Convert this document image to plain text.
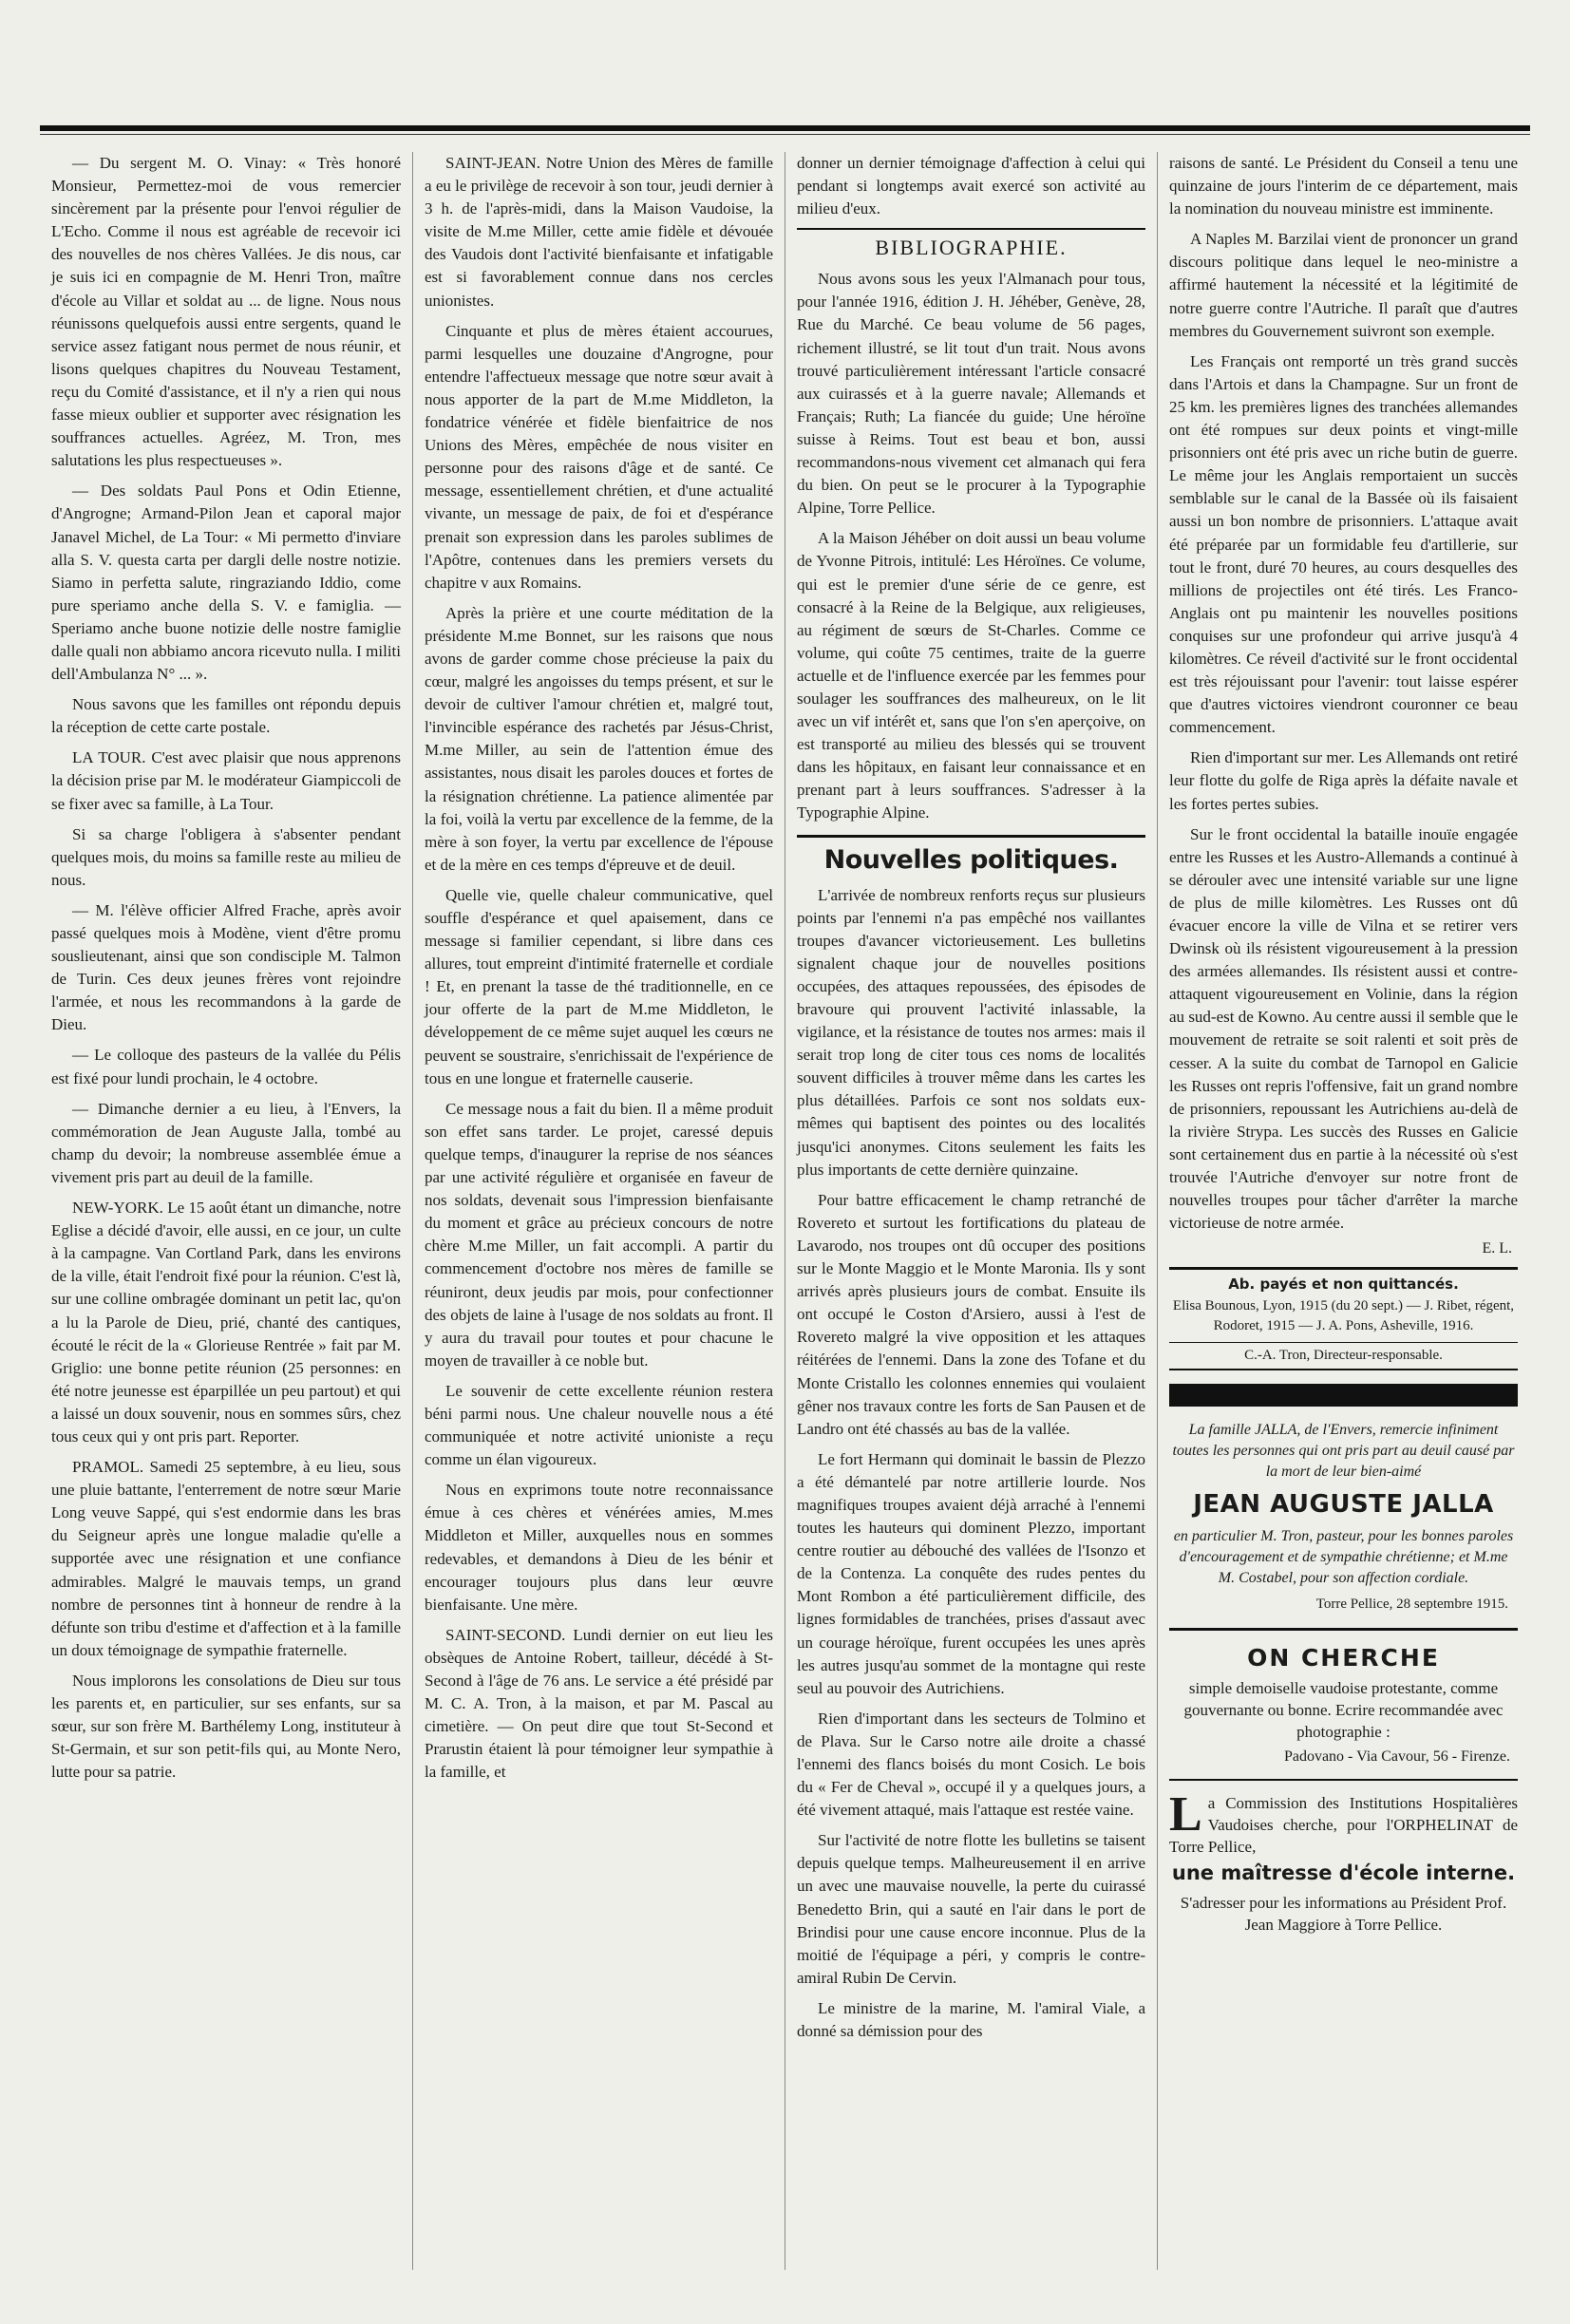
— Du sergent M. O. Vinay: « Très honoré Monsieur, Permettez-moi de vous remercier sincèrement par la présente pour l'envoi régulier de L'Echo. Comme il nous est agréable de recevoir ici des nouvelles de nos chères Vallées. Je dis nous, car je suis ici en compagnie de M. Henri Tron, maître d'école au Villar et soldat au ... de ligne. Nous nous réunissons quelquefois aussi entre sergents, quand le service assez fatigant nous permet de nous réunir, et lisons quelques chapitres du Nouveau Testament, reçu du Comité d'assistance, et il n'y a rien qui nous fasse mieux oublier et supporter avec résignation les souffrances actuelles. Agréez, M. Tron, mes salutations les plus respectueuses ».

— Des soldats Paul Pons et Odin Etienne, d'Angrogne; Armand-Pilon Jean et caporal major Janavel Michel, de La Tour: « Mi permetto d'inviare alla S. V. questa carta per dargli delle nostre notizie. Siamo in perfetta salute, ringraziando Iddio, come pure speriamo anche della S. V. e famiglia. — Speriamo anche buone notizie delle nostre famiglie dalle quali non abbiamo ancora ricevuto nulla. I militi dell'Ambulanza N° ... ».

Nous savons que les familles ont répondu depuis la réception de cette carte postale.

LA TOUR. C'est avec plaisir que nous apprenons la décision prise par M. le modérateur Giampiccoli de se fixer avec sa famille, à La Tour.

Si sa charge l'obligera à s'absenter pendant quelques mois, du moins sa famille reste au milieu de nous.

— M. l'élève officier Alfred Frache, après avoir passé quelques mois à Modène, vient d'être promu souslieutenant, ainsi que son condisciple M. Talmon de Turin. Ces deux jeunes frères vont rejoindre l'armée, et nous les recommandons à la garde de Dieu.

— Le colloque des pasteurs de la vallée du Pélis est fixé pour lundi prochain, le 4 octobre.

— Dimanche dernier a eu lieu, à l'Envers, la commémoration de Jean Auguste Jalla, tombé au champ du devoir; la nombreuse assemblée émue a vivement pris part au deuil de la famille.

NEW-YORK. Le 15 août étant un dimanche, notre Eglise a décidé d'avoir, elle aussi, en ce jour, un culte à la campagne. Van Cortland Park, dans les environs de la ville, était l'endroit fixé pour la réunion. C'est là, sur une colline ombragée dominant un petit lac, qu'on a lu la Parole de Dieu, prié, chanté des cantiques, écouté le récit de la « Glorieuse Rentrée » fait par M. Griglio: une bonne petite réunion (25 personnes: en été notre jeunesse est éparpillée un peu partout) et qui a laissé un doux souvenir, nous en sommes sûrs, chez tous ceux qui y ont pris part. Reporter.

PRAMOL. Samedi 25 septembre, à eu lieu, sous une pluie battante, l'enterrement de notre sœur Marie Long veuve Sappé, qui s'est endormie dans les bras du Seigneur après une longue maladie qu'elle a supportée avec une résignation et une confiance admirables. Malgré le mauvais temps, un grand nombre de personnes tint à honneur de rendre à la défunte son tribu d'estime et d'affection et à la famille un doux témoignage de sympathie fraternelle.

Nous implorons les consolations de Dieu sur tous les parents et, en particulier, sur ses enfants, sur sa sœur, sur son frère M. Barthélemy Long, instituteur à St-Germain, et sur son petit-fils qui, au Monte Nero, lutte pour sa patrie.

SAINT-JEAN. Notre Union des Mères de famille a eu le privilège de recevoir à son tour, jeudi dernier à 3 h. de l'après-midi, dans la Maison Vaudoise, la visite de M.me Miller, cette amie fidèle et dévouée des Vaudois dont l'activité bienfaisante et infatigable est si favorablement connue dans nos cercles unionistes.

Cinquante et plus de mères étaient accourues, parmi lesquelles une douzaine d'Angrogne, pour entendre l'affectueux message que notre sœur avait à nous apporter de la part de M.me Middleton, la fondatrice vénérée et fidèle bienfaitrice de nos Unions des Mères, empêchée de nous visiter en personne pour des raisons d'âge et de santé. Ce message, essentiellement chrétien, et d'une actualité vivante, un message de paix, de foi et d'espérance prenait son expression dans les paroles sublimes de l'Apôtre, contenues dans les premiers versets du chapitre v aux Romains.

Après la prière et une courte méditation de la présidente M.me Bonnet, sur les raisons que nous avons de garder comme chose précieuse la paix du cœur, malgré les angoisses du temps présent, et sur le devoir de cultiver l'amour chrétien et, malgré tout, l'invincible espérance des rachetés par Jésus-Christ, M.me Miller, au sein de l'attention émue des assistantes, nous disait les paroles douces et fortes de la résignation chrétienne. La patience alimentée par la foi, voilà la vertu par excellence de la femme, de la mère à son foyer, la vertu par excellence de l'épouse et de la mère en ces temps d'épreuve et de deuil.

Quelle vie, quelle chaleur communicative, quel souffle d'espérance et quel apaisement, dans ce message si familier cependant, si libre dans ces allures, tout empreint d'intimité fraternelle et cordiale ! Et, en prenant la tasse de thé traditionnelle, en ce jour offerte de la part de M.me Middleton, le développement de ce même sujet auquel les cœurs ne peuvent se soustraire, s'enrichissait de l'expérience de tous en une longue et fraternelle causerie.

Ce message nous a fait du bien. Il a même produit son effet sans tarder. Le projet, caressé depuis quelque temps, d'inaugurer la reprise de nos séances par une activité régulière et organisée en faveur de nos soldats, devenait sous l'impression bienfaisante du moment et grâce au précieux concours de notre chère M.me Miller, un fait accompli. A partir du commencement d'octobre nos mères de famille se réuniront, deux jeudis par mois, pour confectionner des objets de laine à l'usage de nos soldats au front. Il y aura du travail pour toutes et pour chacune le moyen de travailler à ce noble but.

Le souvenir de cette excellente réunion restera béni parmi nous. Une chaleur nouvelle nous a été communiquée et notre activité unioniste a reçu comme un élan vigoureux.

Nous en exprimons toute notre reconnaissance émue à ces chères et vénérées amies, M.mes Middleton et Miller, auxquelles nous en sommes redevables, et demandons à Dieu de les bénir et encourager toujours plus dans leur œuvre bienfaisante. Une mère.

SAINT-SECOND. Lundi dernier on eut lieu les obsèques de Antoine Robert, tailleur, décédé à St-Second à l'âge de 76 ans. Le service a été présidé par M. C. A. Tron, à la maison, et par M. Pascal au cimetière. — On peut dire que tout St-Second et Prarustin étaient là pour témoigner leur sympathie à la famille, et

donner un dernier témoignage d'affection à celui qui pendant si longtemps avait exercé son activité au milieu d'eux.

BIBLIOGRAPHIE.

Nous avons sous les yeux l'Almanach pour tous, pour l'année 1916, édition J. H. Jéhéber, Genève, 28, Rue du Marché. Ce beau volume de 56 pages, richement illustré, se lit tout d'un trait. Nous avons trouvé particulièrement intéressant l'article consacré aux cuirassés et à la guerre navale; Allemands et Français; Ruth; La fiancée du guide; Une héroïne suisse à Reims. Tout est beau et bon, aussi recommandons-nous vivement cet almanach qui fera du bien. On peut se le procurer à la Typographie Alpine, Torre Pellice.

A la Maison Jéhéber on doit aussi un beau volume de Yvonne Pitrois, intitulé: Les Héroïnes. Ce volume, qui est le premier d'une série de ce genre, est consacré à la Reine de la Belgique, aux religieuses, au régiment de sœurs de St-Charles. Comme ce volume, qui coûte 75 centimes, traite de la guerre actuelle et de l'influence exercée par les femmes pour soulager les souffrances des malheureux, on le lit avec un vif intérêt et, sans que l'on s'en aperçoive, on est transporté au milieu des blessés qui se trouvent dans les hôpitaux, en faisant leur connaissance et en prenant part à leurs souffrances. S'adresser à la Typographie Alpine.

Nouvelles politiques.

L'arrivée de nombreux renforts reçus sur plusieurs points par l'ennemi n'a pas empêché nos vaillantes troupes d'avancer victorieusement. Les bulletins signalent chaque jour de nouvelles positions occupées, des attaques repoussées, des épisodes de bravoure qui prouvent l'activité inlassable, la vigilance, et la résistance de toutes nos armes: mais il serait trop long de citer tous ces noms de localités souvent difficiles à trouver même dans les cartes les plus détaillées. Parfois ce sont nos soldats eux-mêmes qui baptisent des pointes ou des localités jusqu'ici anonymes. Citons seulement les faits les plus importants de cette dernière quinzaine.

Pour battre efficacement le champ retranché de Rovereto et surtout les fortifications du plateau de Lavarodo, nos troupes ont dû occuper des positions sur le Monte Maggio et le Monte Maronia. Ils y sont arrivés après plusieurs jours de combat. Ensuite ils ont occupé le Coston d'Arsiero, aussi à l'est de Rovereto malgré la vive opposition et les attaques réitérées de l'ennemi. Dans la zone des Tofane et du Monte Cristallo les colonnes ennemies qui voulaient gêner nos travaux contre les forts de San Pausen et de Landro ont été chassés au bas de la vallée.

Le fort Hermann qui dominait le bassin de Plezzo a été démantelé par notre artillerie lourde. Nos magnifiques troupes avaient déjà arraché à l'ennemi toutes les hauteurs qui dominent Plezzo, important centre routier au débouché des vallées de l'Isonzo et de la Contenza. La conquête des rudes pentes du Mont Rombon a été particulièrement difficile, des lignes formidables de tranchées, prises d'assaut avec un courage héroïque, furent occupées les unes après les autres jusqu'au sommet de la montagne qui reste seul au pouvoir des Autrichiens.

Rien d'important dans les secteurs de Tolmino et de Plava. Sur le Carso notre aile droite a chassé l'ennemi des flancs boisés du mont Cosich. Le bois du « Fer de Cheval », occupé il y a quelques jours, a été vivement attaqué, mais l'attaque est restée vaine.

Sur l'activité de notre flotte les bulletins se taisent depuis quelque temps. Malheureusement il en arrive un avec une mauvaise nouvelle, la perte du cuirassé Benedetto Brin, qui a sauté en l'air dans le port de Brindisi pour une cause encore inconnue. Plus de la moitié de l'équipage a péri, y compris le contre-amiral Rubin De Cervin.

Le ministre de la marine, M. l'amiral Viale, a donné sa démission pour des

raisons de santé. Le Président du Conseil a tenu une quinzaine de jours l'interim de ce département, mais la nomination du nouveau ministre est imminente.

A Naples M. Barzilai vient de prononcer un grand discours politique dans lequel le neo-ministre a affirmé hautement la nécessité et la légitimité de notre guerre contre l'Autriche. Il paraît que d'autres membres du Gouvernement suivront son exemple.

Les Français ont remporté un très grand succès dans l'Artois et dans la Champagne. Sur un front de 25 km. les premières lignes des tranchées allemandes ont été rompues sur deux points et vingt-mille prisonniers ont été pris avec un riche butin de guerre. Le même jour les Anglais remportaient un succès semblable sur le canal de la Bassée où ils faisaient aussi un bon nombre de prisonniers. L'attaque avait été préparée par un formidable feu d'artillerie, sur tout le front, duré 70 heures, au cours desquelles des millions de projectiles ont été tirés. Les Franco-Anglais ont pu maintenir les nouvelles positions conquises sur une profondeur qui arrive jusqu'à 4 kilomètres. Ce réveil d'activité sur le front occidental est très réjouissant pour l'avenir: tout laisse espérer que d'autres victoires viendront couronner ce beau commencement.

Rien d'important sur mer. Les Allemands ont retiré leur flotte du golfe de Riga après la défaite navale et les fortes pertes subies.

Sur le front occidental la bataille inouïe engagée entre les Russes et les Austro-Allemands a continué à se dérouler avec une intensité variable sur une ligne de plus de mille kilomètres. Les Russes ont dû évacuer encore la ville de Vilna et se retirer vers Dwinsk où ils résistent vigoureusement à la pression des armées allemandes. Ils résistent aussi et contre-attaquent vigoureusement en Volinie, dans la région au sud-est de Kowno. Au centre aussi il semble que le mouvement de retraite se soit ralenti et soit près de cesser. A la suite du combat de Tarnopol en Galicie les Russes ont repris l'offensive, fait un grand nombre de prisonniers, repoussant les Autrichiens au-delà de la rivière Strypa. Les succès des Russes en Galicie sont certainement dus en partie à la nécessité où s'est trouvée l'Autriche d'envoyer sur notre front de nouvelles troupes pour tâcher d'arrêter la marche victorieuse de notre armée.

E. L.
Ab. payés et non quittancés.
Elisa Bounous, Lyon, 1915 (du 20 sept.) — J. Ribet, régent, Rodoret, 1915 — J. A. Pons, Asheville, 1916.
C.-A. Tron, Directeur-responsable.
La famille JALLA, de l'Envers, remercie infiniment toutes les personnes qui ont pris part au deuil causé par la mort de leur bien-aimé
JEAN AUGUSTE JALLA
en particulier M. Tron, pasteur, pour les bonnes paroles d'encouragement et de sympathie chrétienne; et M.me M. Costabel, pour son affection cordiale.
Torre Pellice, 28 septembre 1915.
ON CHERCHE
simple demoiselle vaudoise protestante, comme gouvernante ou bonne. Ecrire recommandée avec photographie :
Padovano - Via Cavour, 56 - Firenze.
L a Commission des Institutions Hospitalières Vaudoises cherche, pour l'ORPHELINAT de Torre Pellice,
une maîtresse d'école interne.
S'adresser pour les informations au Président Prof. Jean Maggiore à Torre Pellice.
